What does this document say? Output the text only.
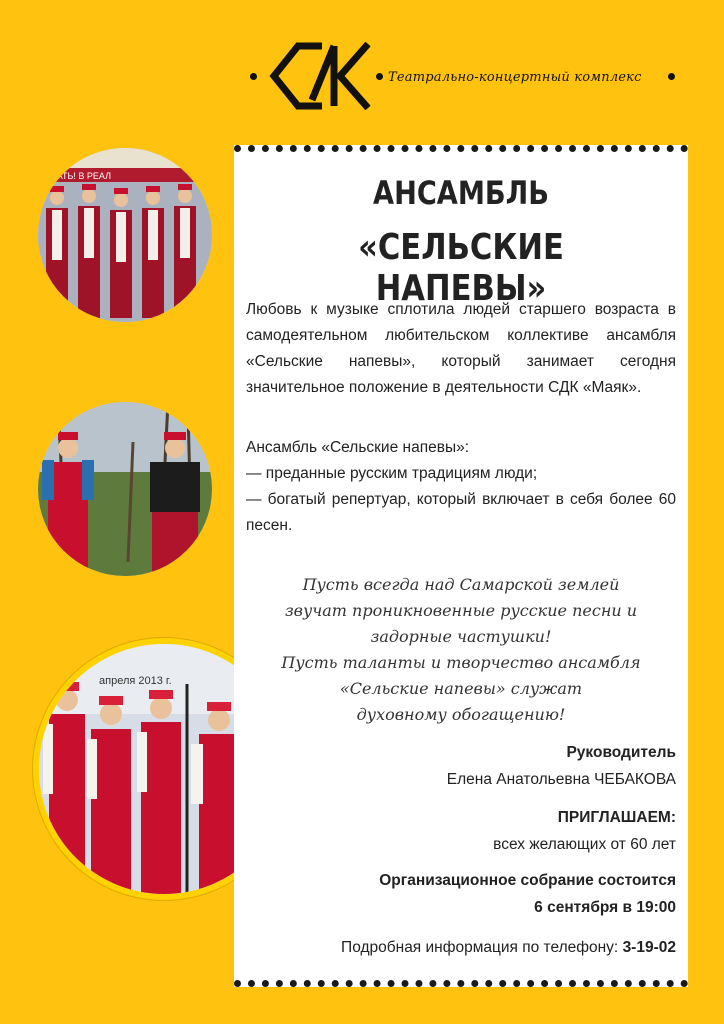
Театрально-концертный комплекс
ОВАТЬ! В РЕАЛ
апреля 2013 г.
АНСАМБЛЬ
«СЕЛЬСКИЕ НАПЕВЫ»

Любовь к музыке сплотила людей старшего возраста в самодеятельном любительском коллективе ансамбля «Сельские напевы», который занимает сегодня значительное положение в деятельности СДК «Маяк».

Ансамбль «Сельские напевы»:

— преданные русским традициям люди;

— богатый репертуар, который включает в себя более 60 песен.

Пусть всегда над Самарской землей
звучат проникновенные русские песни и
задорные частушки!
Пусть таланты и творчество ансамбля
«Сельские напевы» служат
духовному обогащению!
Руководитель
Елена Анатольевна ЧЕБАКОВА
ПРИГЛАШАЕМ:
всех желающих от 60 лет
Организационное собрание состоится
6 сентября в 19:00
Подробная информация по телефону: 3-19-02
